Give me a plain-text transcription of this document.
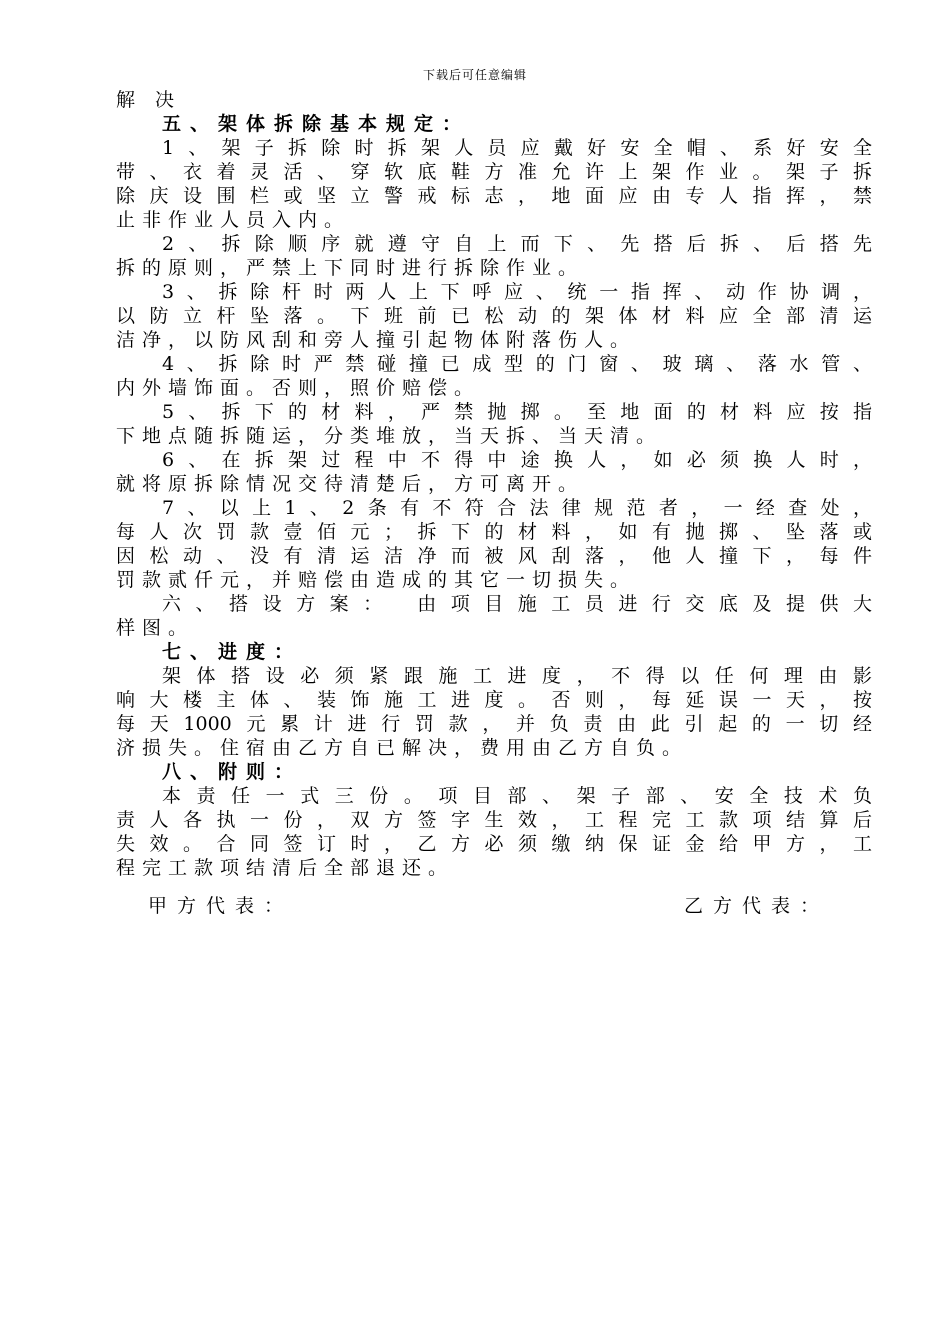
下载后可任意编辑
解 决
五、架体拆除基本规定：
1、架子拆除时拆架人员应戴好安全帽、系好安全
带、衣着灵活、穿软底鞋方准允许上架作业。架子拆
除庆设围栏或坚立警戒标志，地面应由专人指挥，禁
止非作业人员入内。
2、拆除顺序就遵守自上而下、先搭后拆、后搭先
拆的原则，严禁上下同时进行拆除作业。
3、拆除杆时两人上下呼应、统一指挥、动作协调，
以防立杆坠落。下班前已松动的架体材料应全部清运
洁净，以防风刮和旁人撞引起物体附落伤人。
4、拆除时严禁碰撞已成型的门窗、玻璃、落水管、
内外墙饰面。否则，照价赔偿。
5、拆下的材料，严禁抛掷。至地面的材料应按指
下地点随拆随运，分类堆放，当天拆、当天清。
6、在拆架过程中不得中途换人，如必须换人时，
就将原拆除情况交待清楚后，方可离开。
7、以上1、2条有不符合法律规范者，一经查处，
每人次罚款壹佰元；拆下的材料，如有抛掷、坠落或
因松动、没有清运洁净而被风刮落，他人撞下，每件
罚款贰仟元，并赔偿由造成的其它一切损失。
六、搭设方案： 由项目施工员进行交底及提供大
样图。
七、进度：
架体搭设必须紧跟施工进度，不得以任何理由影
响大楼主体、装饰施工进度。否则，每延误一天，按
每天1000元累计进行罚款，并负责由此引起的一切经
济损失。住宿由乙方自已解决，费用由乙方自负。
八、附则：
本责任一式三份。项目部、架子部、安全技术负
责人各执一份，双方签字生效，工程完工款项结算后
失效。合同签订时，乙方必须缴纳保证金给甲方，工
程完工款项结清后全部退还。
甲方代表：	乙方代表：
